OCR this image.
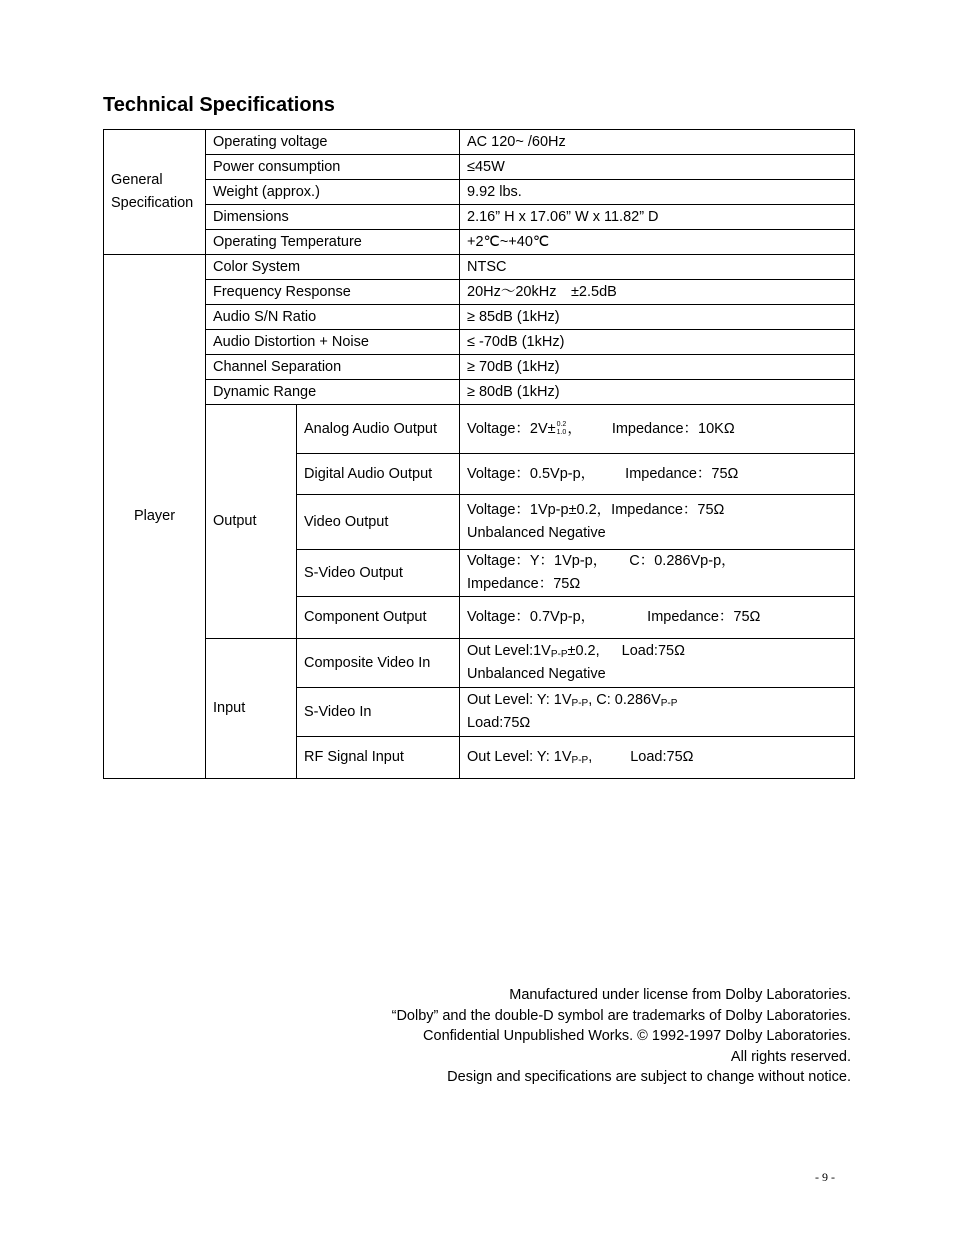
Technical Specifications
General Specification	Operating voltage		AC 120~ /60Hz
	Power consumption		≤45W
	Weight (approx.)		9.92 lbs.
	Dimensions		2.16” H x 17.06” W x 11.82” D
	Operating Temperature		+2℃~+40℃
Player	Color System		NTSC
	Frequency Response		20Hz～20kHz　±2.5dB
	Audio S/N Ratio		≥ 85dB (1kHz)
	Audio Distortion + Noise		≤ -70dB (1kHz)
	Channel Separation		≥ 70dB (1kHz)
	Dynamic Range		≥ 80dB (1kHz)
	Output	Analog Audio Output	Voltage：2V± 0.2
1.0 ， Impedance：10KΩ
		Digital Audio Output	Voltage：0.5Vp-p， Impedance：75Ω
		Video Output	Voltage：1Vp-p±0.2，Impedance：75Ω
Unbalanced Negative

		S-Video Output	Voltage：Y：1Vp-p， C：0.286Vp-p，
Impedance：75Ω

		Component Output	Voltage：0.7Vp-p， Impedance：75Ω
	Input	Composite Video In	Out $Level:1V_{P-P}\pm 0.2$, Load:75Ω
Unbalanced Negative

		S-Video In	Out Level: Y: $1V_{P-P}$, C: $0.286V_{P-P}$
Load:75Ω

		RF Signal Input	Out Level: Y: $1V_{P-P}$, Load:75Ω
Manufactured under license from Dolby Laboratories.
“Dolby” and the double-D symbol are trademarks of Dolby Laboratories.
Confidential Unpublished Works. © 1992-1997 Dolby Laboratories.
All rights reserved.
Design and specifications are subject to change without notice.
- 9 -
